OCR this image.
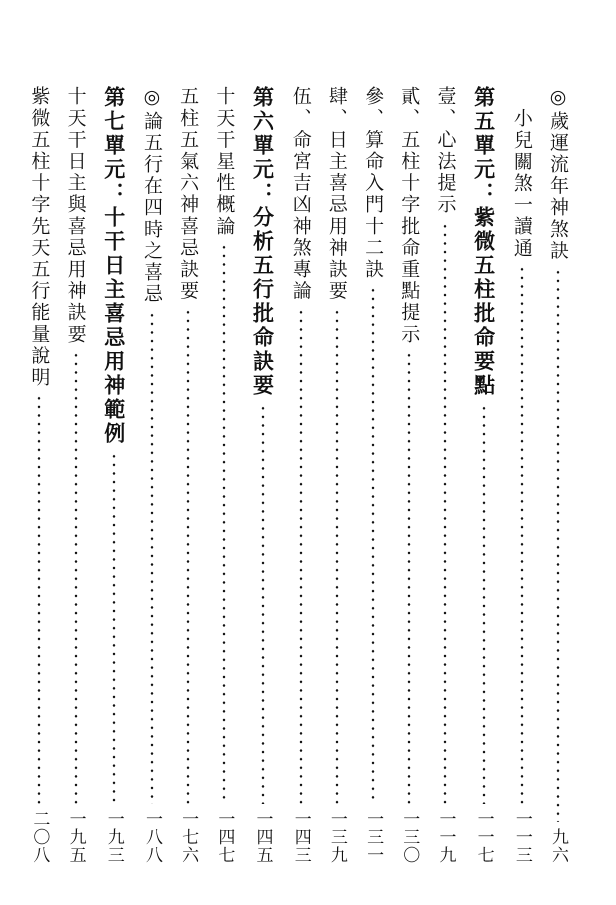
◎歲運流年神煞訣
九六
小兒關煞一讀通
一一三
第五單元：紫微五柱批命要點
一一七
壹、心法提示
一一九
貳、五柱十字批命重點提示
一三〇
參、算命入門十二訣
一三一
肆、日主喜忌用神訣要
一三九
伍、命宮吉凶神煞專論
一四三
第六單元：分析五行批命訣要
一四五
十天干星性概論
一四七
五柱五氣六神喜忌訣要
一七六
◎論五行在四時之喜忌
一八八
第七單元：十干日主喜忌用神範例
一九三
十天干日主與喜忌用神訣要
一九五
紫微五柱十字先天五行能量說明
二〇八
